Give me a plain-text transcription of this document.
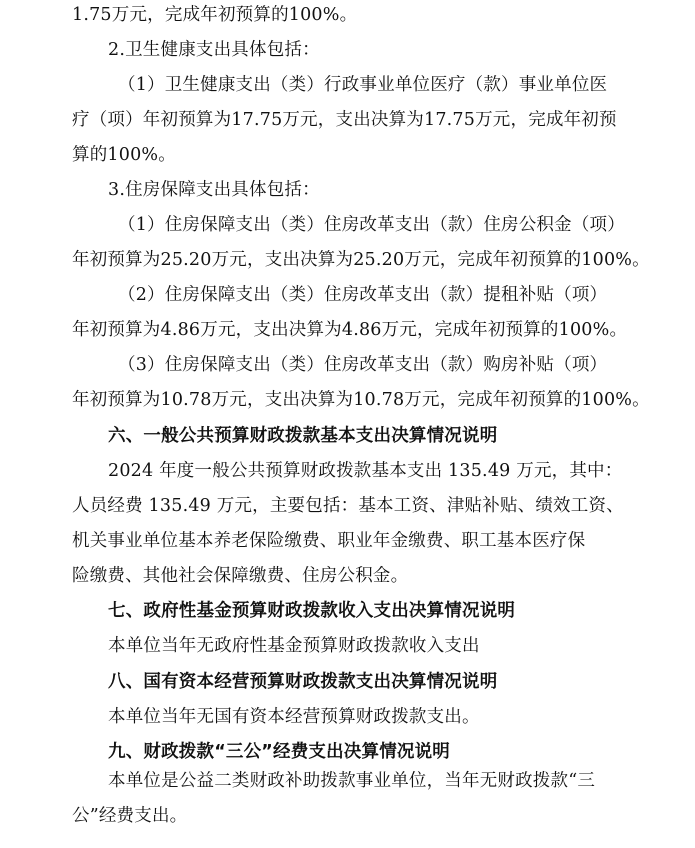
1.75万元，完成年初预算的100%。
2.卫生健康支出具体包括：
（1）卫生健康支出（类）行政事业单位医疗（款）事业单位医
疗（项）年初预算为17.75万元，支出决算为17.75万元，完成年初预
算的100%。
3.住房保障支出具体包括：
（1）住房保障支出（类）住房改革支出（款）住房公积金（项）
年初预算为25.20万元，支出决算为25.20万元，完成年初预算的100%。
（2）住房保障支出（类）住房改革支出（款）提租补贴（项）
年初预算为4.86万元，支出决算为4.86万元，完成年初预算的100%。
（3）住房保障支出（类）住房改革支出（款）购房补贴（项）
年初预算为10.78万元，支出决算为10.78万元，完成年初预算的100%。
六、一般公共预算财政拨款基本支出决算情况说明
2024 年度一般公共预算财政拨款基本支出 135.49 万元，其中：
人员经费 135.49 万元，主要包括：基本工资、津贴补贴、绩效工资、
机关事业单位基本养老保险缴费、职业年金缴费、职工基本医疗保
险缴费、其他社会保障缴费、住房公积金。
七、政府性基金预算财政拨款收入支出决算情况说明
本单位当年无政府性基金预算财政拨款收入支出
八、国有资本经营预算财政拨款支出决算情况说明
本单位当年无国有资本经营预算财政拨款支出。
九、财政拨款“三公”经费支出决算情况说明
本单位是公益二类财政补助拨款事业单位，当年无财政拨款“三
公”经费支出。
